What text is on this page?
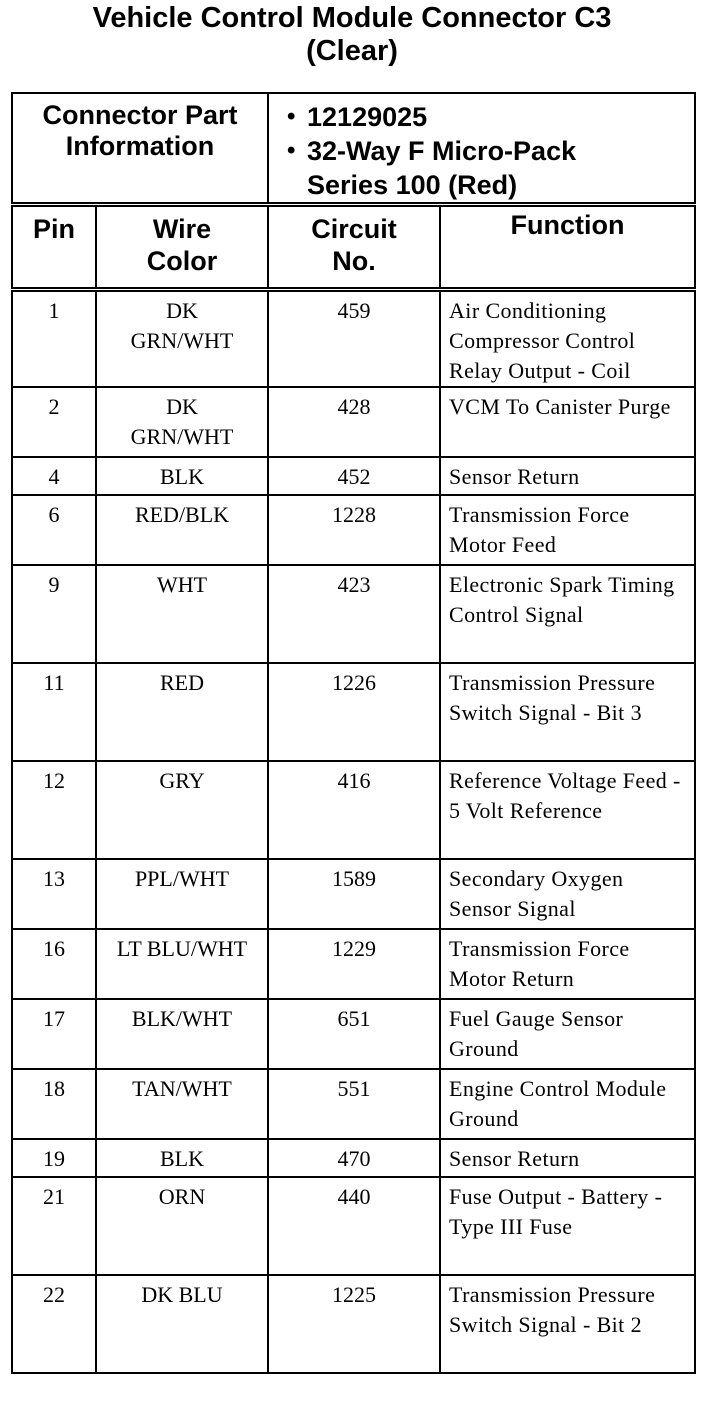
Vehicle Control Module Connector C3
(Clear)
Connector Part Information		• 12129025
• 32-Way F Micro-Pack
Series 100 (Red)	

Pin	Wire Color	Circuit No.	Function

1	DK GRN/WHT	459	Air Conditioning Compressor Control Relay Output - Coil

2	DK GRN/WHT	428	VCM To Canister Purge

4	BLK	452	Sensor Return

6	RED/BLK	1228	Transmission Force Motor Feed

9	WHT	423	Electronic Spark Timing Control Signal

11	RED	1226	Transmission Pressure Switch Signal - Bit 3

12	GRY	416	Reference Voltage Feed - 5 Volt Reference

13	PPL/WHT	1589	Secondary Oxygen Sensor Signal

16	LT BLU/WHT	1229	Transmission Force Motor Return

17	BLK/WHT	651	Fuel Gauge Sensor Ground

18	TAN/WHT	551	Engine Control Module Ground

19	BLK	470	Sensor Return

21	ORN	440	Fuse Output - Battery - Type III Fuse

22	DK BLU	1225	Transmission Pressure Switch Signal - Bit 2
